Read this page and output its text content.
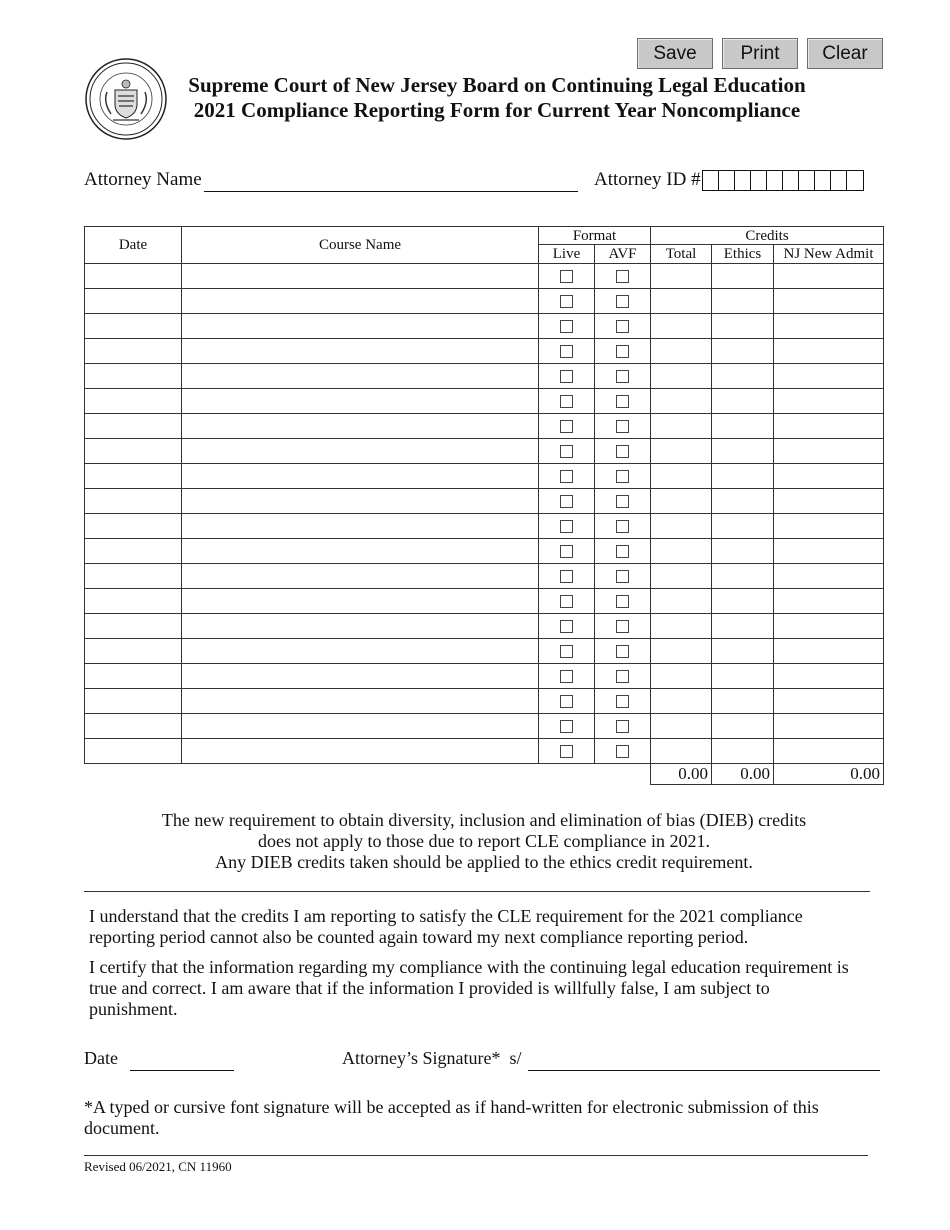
Save	Print	Clear
Supreme Court of New Jersey Board on Continuing Legal Education
2021 Compliance Reporting Form for Current Year Noncompliance
Attorney Name	Attorney ID #
Date	Course Name	Format		Credits		
		Live	AVF	Total	Ethics	NJ New Admit

				0.00	0.00	0.00
The new requirement to obtain diversity, inclusion and elimination of bias (DIEB) credits
does not apply to those due to report CLE compliance in 2021.
Any DIEB credits taken should be applied to the ethics credit requirement.
I understand that the credits I am reporting to satisfy the CLE requirement for the 2021 compliance reporting period cannot also be counted again toward my next compliance reporting period.
I certify that the information regarding my compliance with the continuing legal education requirement is true and correct. I am aware that if the information I provided is willfully false, I am subject to punishment.
Date	Attorney’s Signature*  s/
*A typed or cursive font signature will be accepted as if hand-written for electronic submission of this document.
Revised 06/2021, CN 11960
